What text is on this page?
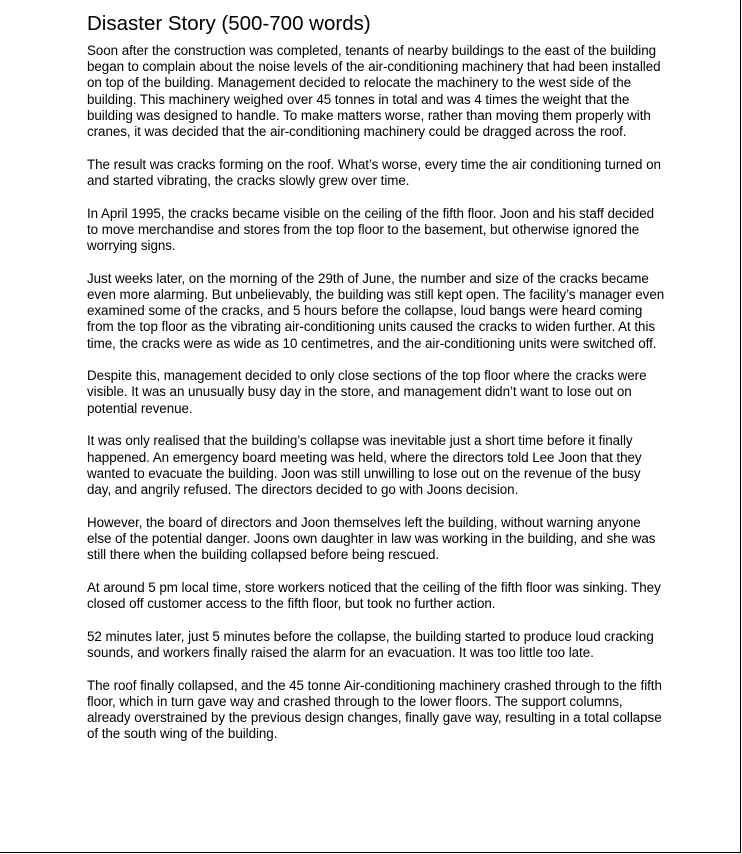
Disaster Story (500-700 words)

Soon after the construction was completed, tenants of nearby buildings to the east of the building began to complain about the noise levels of the air-conditioning machinery that had been installed on top of the building. Management decided to relocate the machinery to the west side of the building. This machinery weighed over 45 tonnes in total and was 4 times the weight that the building was designed to handle. To make matters worse, rather than moving them properly with cranes, it was decided that the air-conditioning machinery could be dragged across the roof.

The result was cracks forming on the roof. What’s worse, every time the air conditioning turned on and started vibrating, the cracks slowly grew over time.

In April 1995, the cracks became visible on the ceiling of the fifth floor. Joon and his staff decided to move merchandise and stores from the top floor to the basement, but otherwise ignored the worrying signs.

Just weeks later, on the morning of the 29th of June, the number and size of the cracks became even more alarming. But unbelievably, the building was still kept open. The facility’s manager even examined some of the cracks, and 5 hours before the collapse, loud bangs were heard coming from the top floor as the vibrating air-conditioning units caused the cracks to widen further. At this time, the cracks were as wide as 10 centimetres, and the air-conditioning units were switched off.

Despite this, management decided to only close sections of the top floor where the cracks were visible. It was an unusually busy day in the store, and management didn’t want to lose out on potential revenue.

It was only realised that the building’s collapse was inevitable just a short time before it finally happened. An emergency board meeting was held, where the directors told Lee Joon that they wanted to evacuate the building. Joon was still unwilling to lose out on the revenue of the busy day, and angrily refused. The directors decided to go with Joons decision.

However, the board of directors and Joon themselves left the building, without warning anyone else of the potential danger. Joons own daughter in law was working in the building, and she was still there when the building collapsed before being rescued.

At around 5 pm local time, store workers noticed that the ceiling of the fifth floor was sinking. They closed off customer access to the fifth floor, but took no further action.

52 minutes later, just 5 minutes before the collapse, the building started to produce loud cracking sounds, and workers finally raised the alarm for an evacuation. It was too little too late.

The roof finally collapsed, and the 45 tonne Air-conditioning machinery crashed through to the fifth floor, which in turn gave way and crashed through to the lower floors. The support columns, already overstrained by the previous design changes, finally gave way, resulting in a total collapse of the south wing of the building.
